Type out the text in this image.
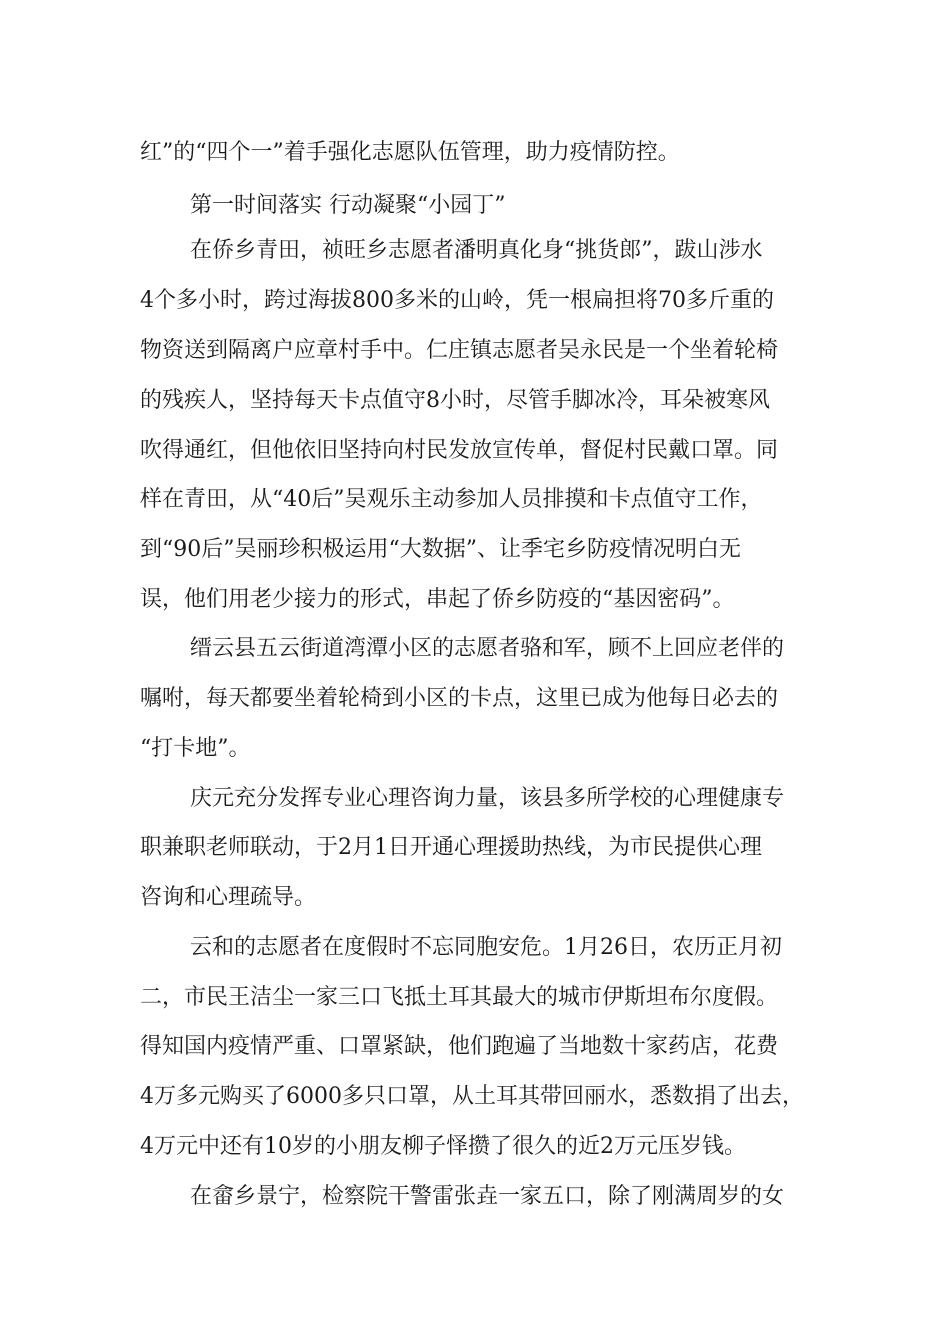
红”的“四个一”着手强化志愿队伍管理，助力疫情防控。
第一时间落实 行动凝聚“小园丁”
在侨乡青田，祯旺乡志愿者潘明真化身“挑货郎”，跋山涉水
4个多小时，跨过海拔800多米的山岭，凭一根扁担将70多斤重的
物资送到隔离户应章村手中。仁庄镇志愿者吴永民是一个坐着轮椅
的残疾人，坚持每天卡点值守8小时，尽管手脚冰冷，耳朵被寒风
吹得通红，但他依旧坚持向村民发放宣传单，督促村民戴口罩。同
样在青田，从“40后”吴观乐主动参加人员排摸和卡点值守工作，
到“90后”吴丽珍积极运用“大数据”、让季宅乡防疫情况明白无
误，他们用老少接力的形式，串起了侨乡防疫的“基因密码”。
缙云县五云街道湾潭小区的志愿者骆和军，顾不上回应老伴的
嘱咐，每天都要坐着轮椅到小区的卡点，这里已成为他每日必去的
“打卡地”。
庆元充分发挥专业心理咨询力量，该县多所学校的心理健康专
职兼职老师联动，于2月1日开通心理援助热线，为市民提供心理
咨询和心理疏导。
云和的志愿者在度假时不忘同胞安危。1月26日，农历正月初
二，市民王洁尘一家三口飞抵土耳其最大的城市伊斯坦布尔度假。
得知国内疫情严重、口罩紧缺，他们跑遍了当地数十家药店，花费
4万多元购买了6000多只口罩，从土耳其带回丽水，悉数捐了出去，
4万元中还有10岁的小朋友柳子怿攒了很久的近2万元压岁钱。
在畲乡景宁，检察院干警雷张垚一家五口，除了刚满周岁的女
